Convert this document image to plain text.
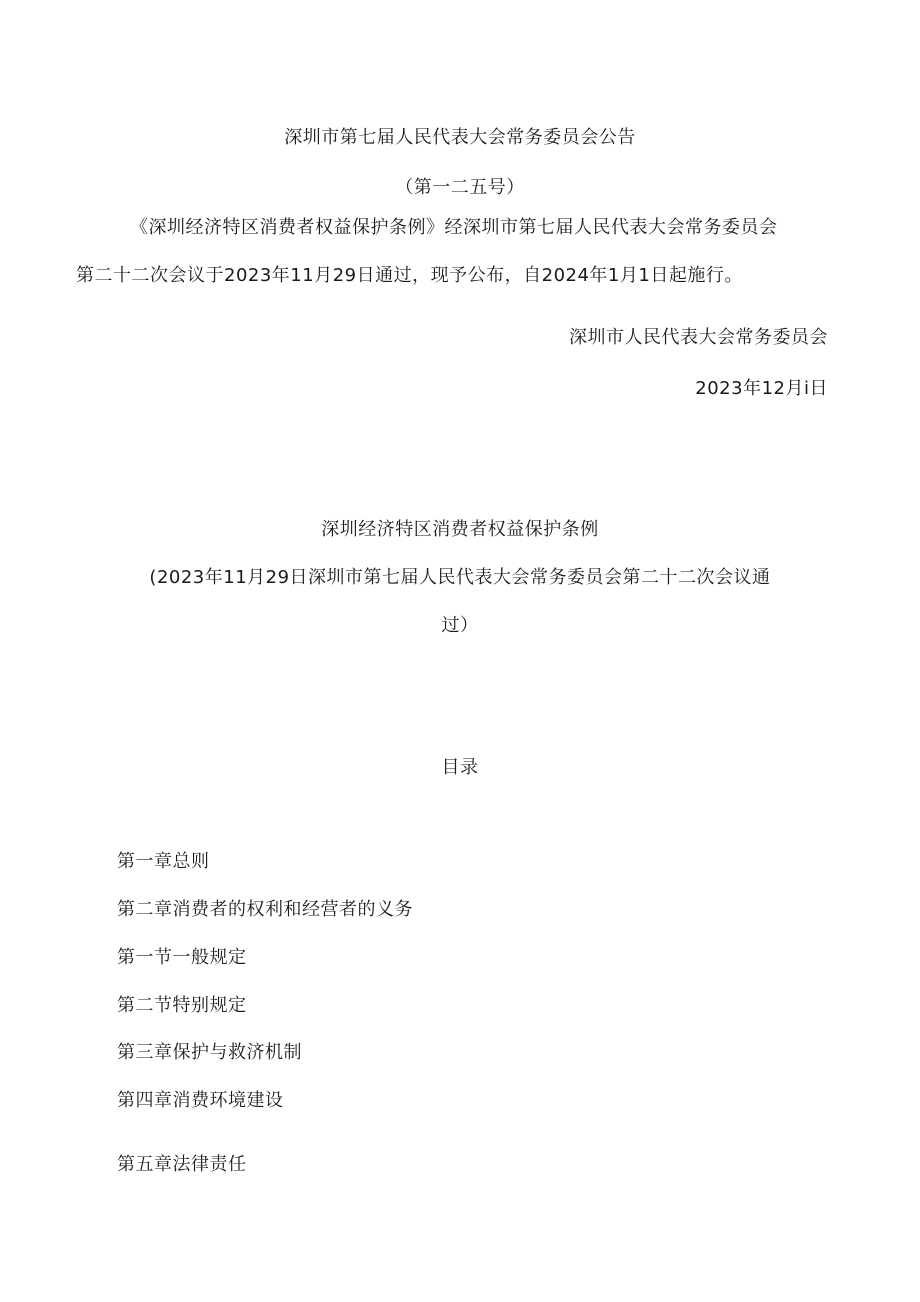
深圳市第七届人民代表大会常务委员会公告
（第一二五号）
《深圳经济特区消费者权益保护条例》经深圳市第七届人民代表大会常务委员会
第二十二次会议于2023年11月29日通过，现予公布，自2024年1月1日起施行。
深圳市人民代表大会常务委员会
2023年12月i日
深圳经济特区消费者权益保护条例
(2023年11月29日深圳市第七届人民代表大会常务委员会第二十二次会议通
过）
目录
第一章总则
第二章消费者的权利和经营者的义务
第一节一般规定
第二节特别规定
第三章保护与救济机制
第四章消费环境建设
第五章法律责任
